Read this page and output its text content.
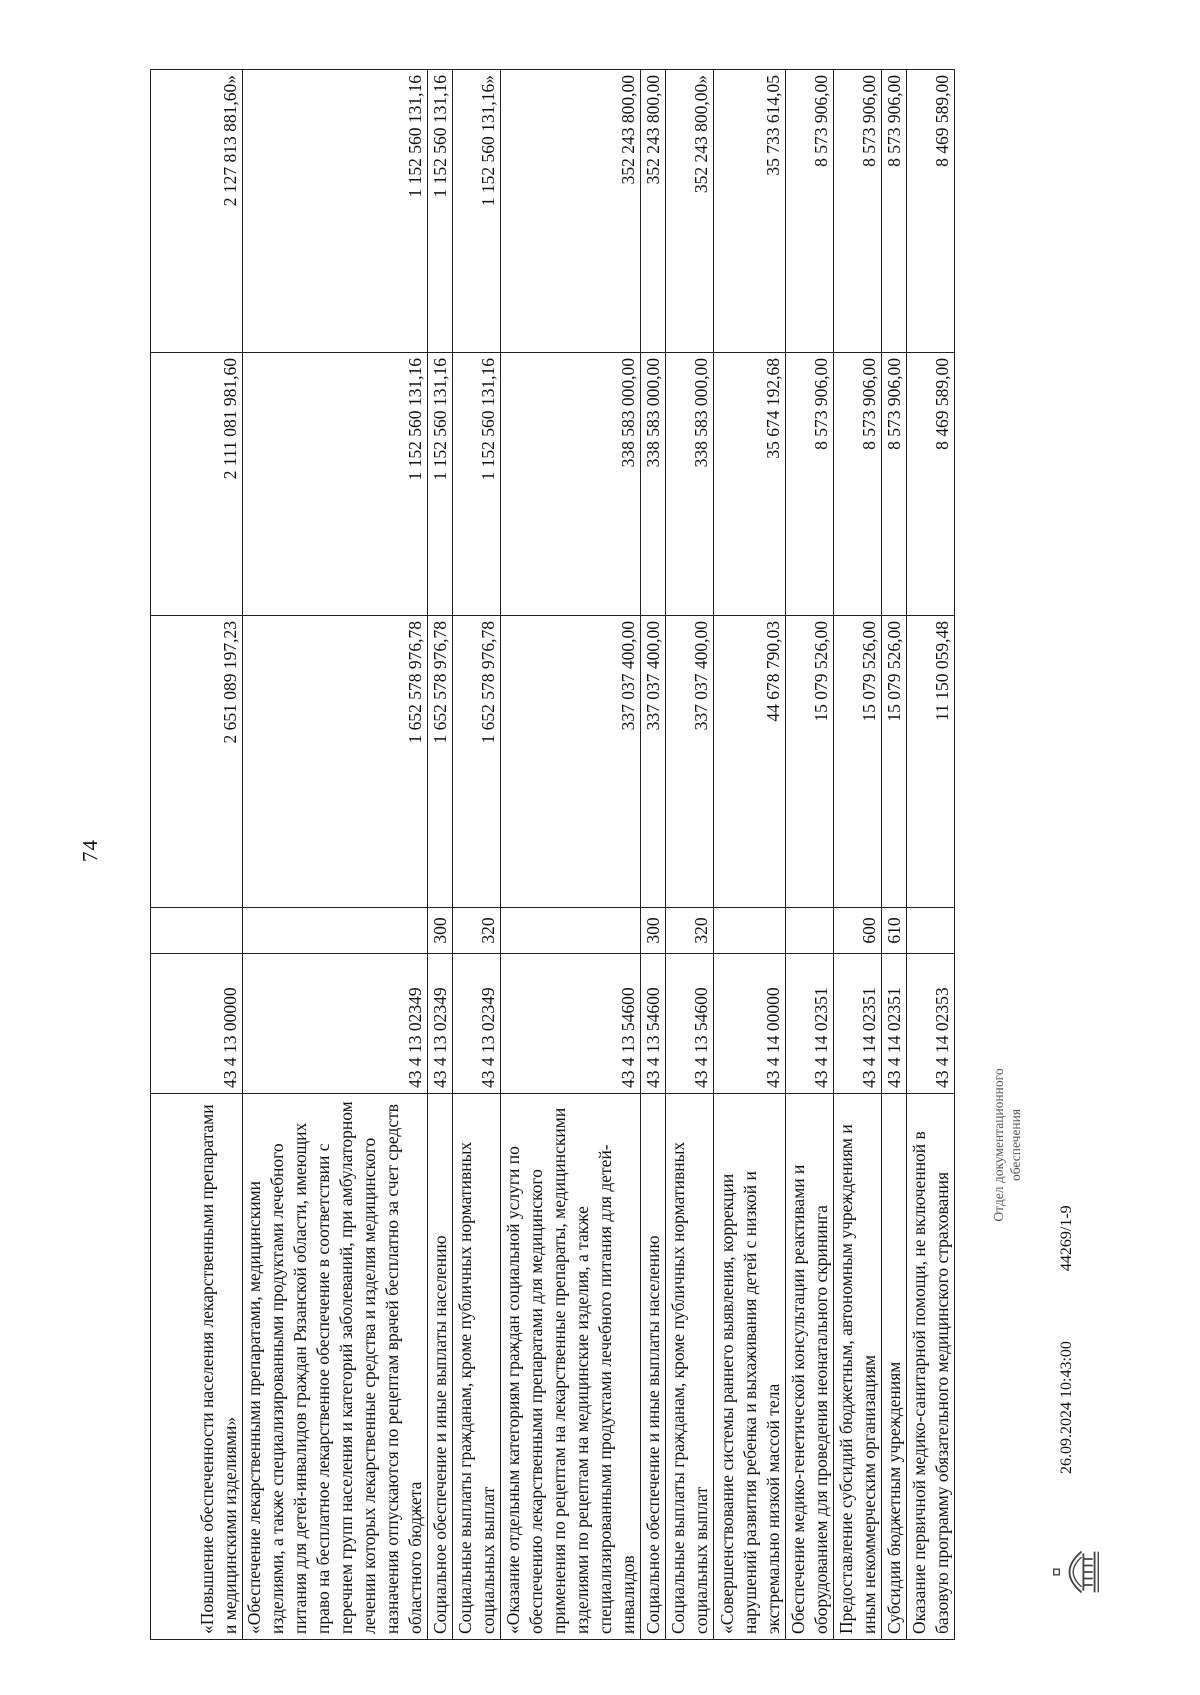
74
«Повышение обеспеченности населения лекарственными препаратами и медицинскими изделиями»	43 4 13 00000		2 651 089 197,23	2 111 081 981,60	2 127 813 881,60»
«Обеспечение лекарственными препаратами, медицинскими изделиями, а также специализированными продуктами лечебного питания для детей-инвалидов граждан Рязанской области, имеющих право на бесплатное лекарственное обеспечение в соответствии с перечнем групп населения и категорий заболеваний, при амбулаторном лечении которых лекарственные средства и изделия медицинского назначения отпускаются по рецептам врачей бесплатно за счет средств областного бюджета	43 4 13 02349		1 652 578 976,78	1 152 560 131,16	1 152 560 131,16
Социальное обеспечение и иные выплаты населению	43 4 13 02349	300	1 652 578 976,78	1 152 560 131,16	1 152 560 131,16
Социальные выплаты гражданам, кроме публичных нормативных социальных выплат	43 4 13 02349	320	1 652 578 976,78	1 152 560 131,16	1 152 560 131,16»
«Оказание отдельным категориям граждан социальной услуги по обеспечению лекарственными препаратами для медицинского применения по рецептам на лекарственные препараты, медицинскими изделиями по рецептам на медицинские изделия, а также специализированными продуктами лечебного питания для детей-инвалидов	43 4 13 54600		337 037 400,00	338 583 000,00	352 243 800,00
Социальное обеспечение и иные выплаты населению	43 4 13 54600	300	337 037 400,00	338 583 000,00	352 243 800,00
Социальные выплаты гражданам, кроме публичных нормативных социальных выплат	43 4 13 54600	320	337 037 400,00	338 583 000,00	352 243 800,00»
«Совершенствование системы раннего выявления, коррекции нарушений развития ребенка и выхаживания детей с низкой и экстремально низкой массой тела	43 4 14 00000		44 678 790,03	35 674 192,68	35 733 614,05
Обеспечение медико-генетической консультации реактивами и оборудованием для проведения неонатального скрининга	43 4 14 02351		15 079 526,00	8 573 906,00	8 573 906,00
Предоставление субсидий бюджетным, автономным учреждениям и иным некоммерческим организациям	43 4 14 02351	600	15 079 526,00	8 573 906,00	8 573 906,00
Субсидии бюджетным учреждениям	43 4 14 02351	610	15 079 526,00	8 573 906,00	8 573 906,00
Оказание первичной медико-санитарной помощи, не включенной в базовую программу обязательного медицинского страхования	43 4 14 02353		11 150 059,48	8 469 589,00	8 469 589,00
Отдел документационного обеспечения
26.09.2024 10:43:00
44269/1-9
